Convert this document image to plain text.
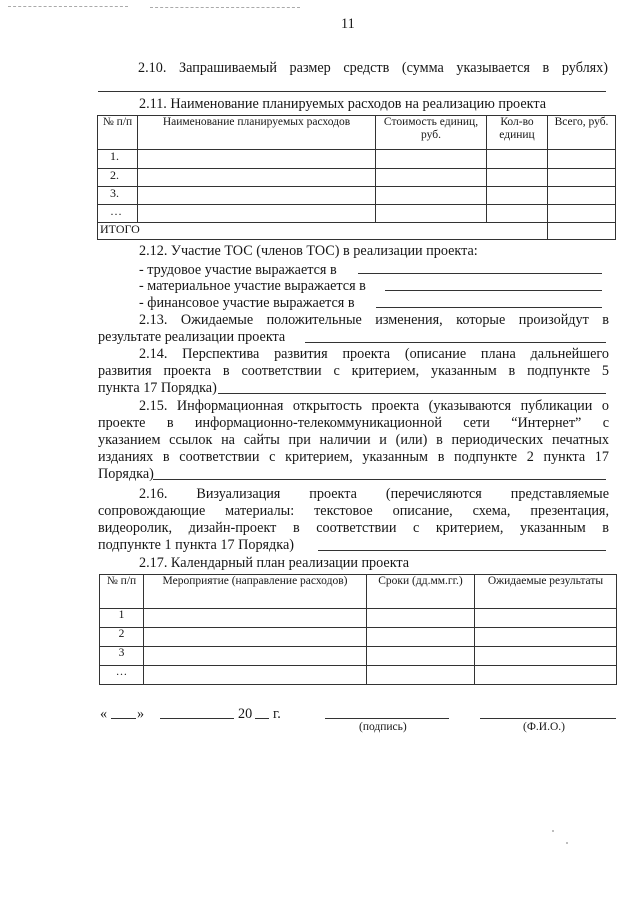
11
2.10. Запрашиваемый размер средств (сумма указывается в рублях)
2.11. Наименование планируемых расходов на реализацию проекта
№ п/п	Наименование планируемых расходов	Стоимость единиц, руб.	Кол-во единиц	Всего, руб.
1.				
2.				
3.				
…				
ИТОГО				
2.12. Участие ТОС (членов ТОС) в реализации проекта:
- трудовое участие выражается в
- материальное участие выражается в
- финансовое участие выражается в
2.13. Ожидаемые положительные изменения, которые произойдут в
результате реализации проекта
2.14. Перспектива развития проекта (описание плана дальнейшего
развития проекта в соответствии с критерием, указанным в подпункте 5
пункта 17 Порядка)
2.15. Информационная открытость проекта (указываются публикации о
проекте в информационно-телекоммуникационной сети “Интернет” с
указанием ссылок на сайты при наличии и (или) в периодических печатных
изданиях в соответствии с критерием, указанным в подпункте 2 пункта 17
Порядка)
2.16. Визуализация проекта (перечисляются представляемые
сопровождающие материалы: текстовое описание, схема, презентация,
видеоролик, дизайн-проект в соответствии с критерием, указанным в
подпункте 1 пункта 17 Порядка)
2.17. Календарный план реализации проекта
№ п/п	Мероприятие (направление расходов)	Сроки (дд.мм.гг.)	Ожидаемые результаты
1			
2			
3			
…			
« »	20 г.
(подпись)	(Ф.И.О.)
